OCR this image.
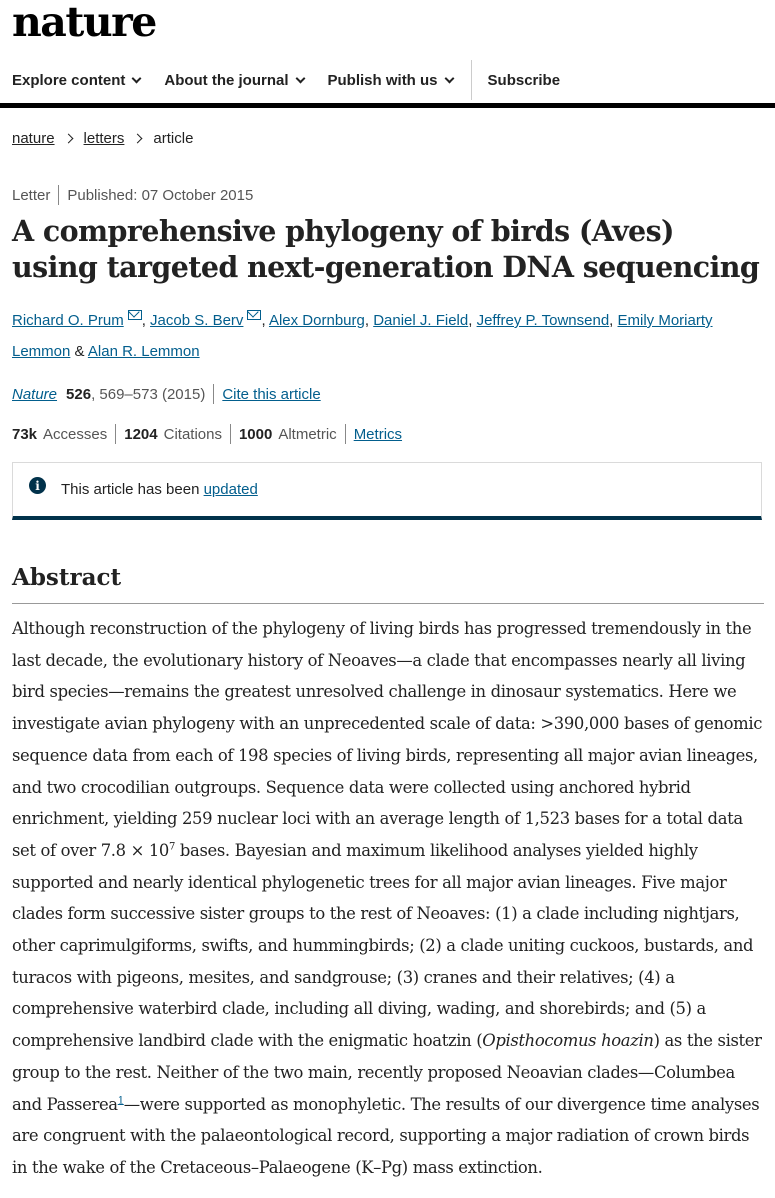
nature
Explore content	About the journal	Publish with us	Subscribe
nature letters article
Letter Published: 07 October 2015
A comprehensive phylogeny of birds (Aves) using targeted next-generation DNA sequencing
Richard O. Prum , Jacob S. Berv , Alex Dornburg, Daniel J. Field, Jeffrey P. Townsend, Emily Moriarty Lemmon & Alan R. Lemmon
Nature 526 , 569–573 (2015) Cite this article
73k Accesses 1204 Citations 1000 Altmetric Metrics
i	This article has been updated
Abstract

Although reconstruction of the phylogeny of living birds has progressed tremendously in the last decade, the evolutionary history of Neoaves—a clade that encompasses nearly all living bird species—remains the greatest unresolved challenge in dinosaur systematics. Here we investigate avian phylogeny with an unprecedented scale of data: >390,000 bases of genomic sequence data from each of 198 species of living birds, representing all major avian lineages, and two crocodilian outgroups. Sequence data were collected using anchored hybrid enrichment, yielding 259 nuclear loci with an average length of 1,523 bases for a total data set of over $7.8 \times 10^7$ bases. Bayesian and maximum likelihood analyses yielded highly supported and nearly identical phylogenetic trees for all major avian lineages. Five major clades form successive sister groups to the rest of Neoaves: (1) a clade including nightjars, other caprimulgiforms, swifts, and hummingbirds; (2) a clade uniting cuckoos, bustards, and turacos with pigeons, mesites, and sandgrouse; (3) cranes and their relatives; (4) a comprehensive waterbird clade, including all diving, wading, and shorebirds; and (5) a comprehensive landbird clade with the enigmatic hoatzin (Opisthocomus hoazin) as the sister group to the rest. Neither of the two main, recently proposed Neoavian clades—Columbea and Passerea$^1$—were supported as monophyletic. The results of our divergence time analyses are congruent with the palaeontological record, supporting a major radiation of crown birds in the wake of the Cretaceous–Palaeogene (K–Pg) mass extinction.
